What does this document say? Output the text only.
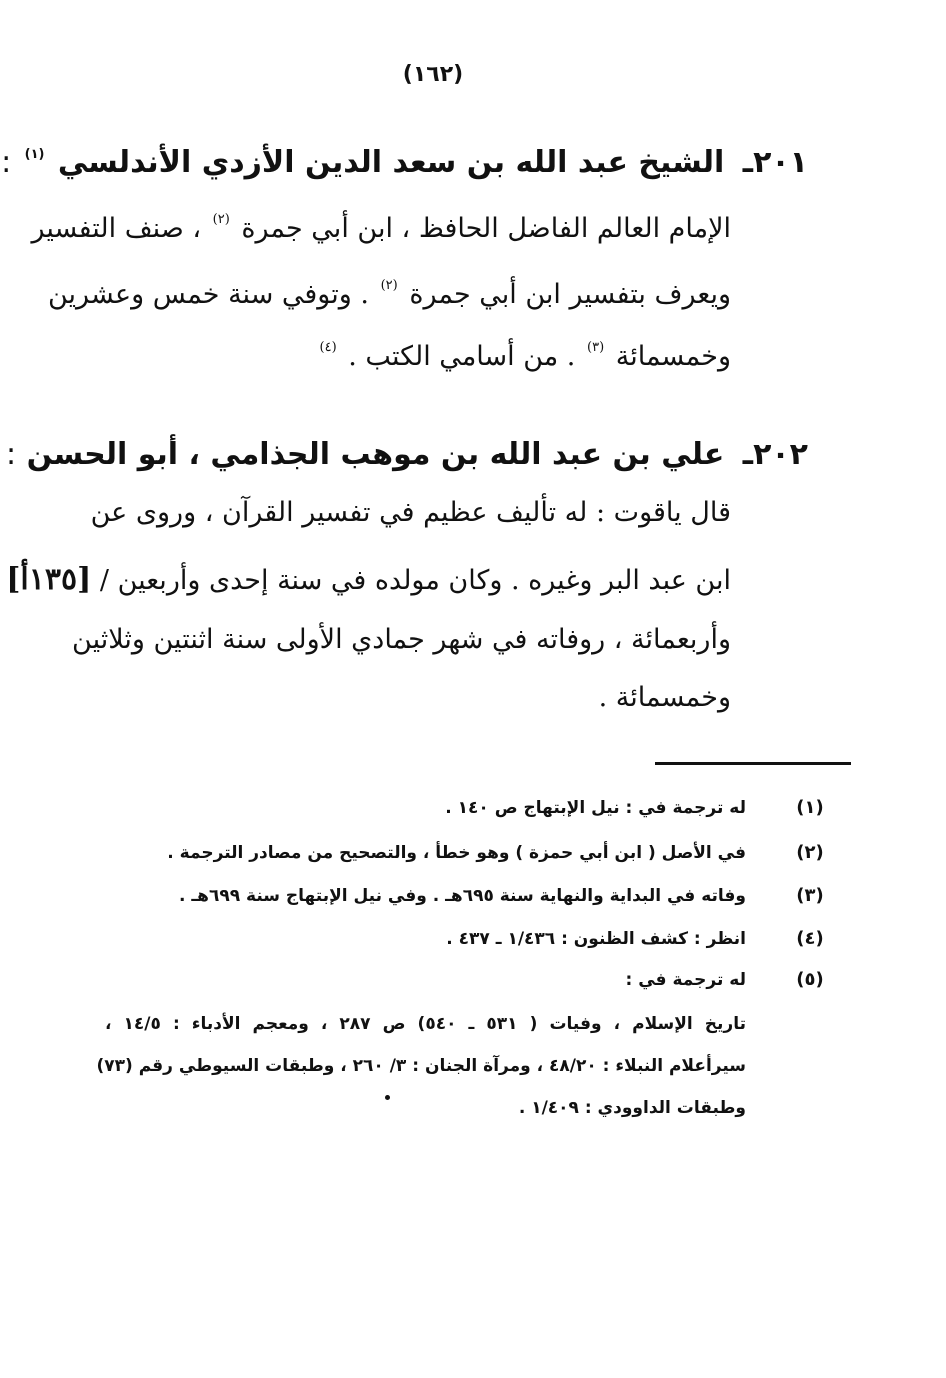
(١٦٢)
٢٠١ـ الشيخ عبد الله بن سعد الدين الأزدي الأندلسي $^{(١)}$ :
الإمام العالم الفاضل الحافظ ، ابن أبي جمرة $^{(٢)}$ ، صنف التفسير
ويعرف بتفسير ابن أبي جمرة $^{(٢)}$ . وتوفي سنة خمس وعشرين
وخمسمائة $^{(٣)}$ . من أسامي الكتب . $^{(٤)}$
٢٠٢ـ علي بن عبد الله بن موهب الجذامي ، أبو الحسن :
قال ياقوت : له تأليف عظيم في تفسير القرآن ، وروى عن
ابن عبد البر وغيره . وكان مولده في سنة إحدى وأربعين / [١٣٥أ]
وأربعمائة ، روفاته في شهر جمادي الأولى سنة اثنتين وثلاثين
وخمسمائة .
(١)
له ترجمة في : نيل الإبتهاج ص ١٤٠ .
(٢)
في الأصل ( ابن أبي حمزة ) وهو خطأ ، والتصحيح من مصادر الترجمة .
(٣)
وفاته في البداية والنهاية سنة ٦٩٥هـ . وفي نيل الإبتهاج سنة ٦٩٩هـ .
(٤)
انظر : كشف الظنون : ١/٤٣٦ ـ ٤٣٧ .
(٥)
له ترجمة في :
تاريخ الإسلام ، وفيات ( ٥٣١ ـ ٥٤٠) ص ٢٨٧ ، ومعجم الأدباء : ١٤/٥ ،
سيرأعلام النبلاء : ٤٨/٢٠ ، ومرآة الجنان : ٣/ ٢٦٠ ، وطبقات السيوطي رقم (٧٣)
وطبقات الداوودي : ١/٤٠٩ .
